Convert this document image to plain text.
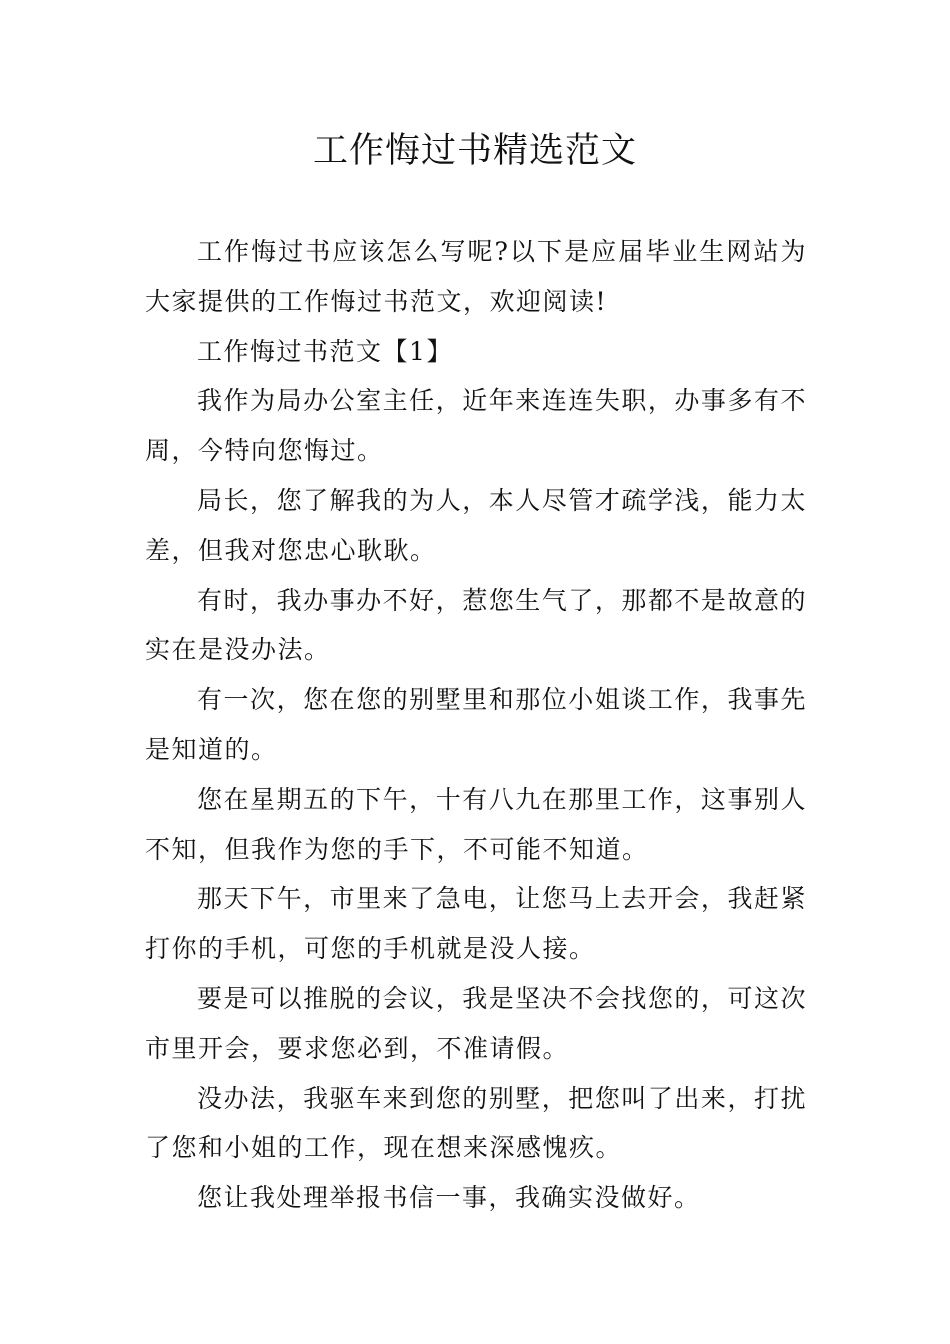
工作悔过书精选范文

工作悔过书应该怎么写呢?以下是应届毕业生网站为大家提供的工作悔过书范文，欢迎阅读!

工作悔过书范文【1】

我作为局办公室主任，近年来连连失职，办事多有不周，今特向您悔过。

局长，您了解我的为人，本人尽管才疏学浅，能力太差，但我对您忠心耿耿。

有时，我办事办不好，惹您生气了，那都不是故意的实在是没办法。

有一次，您在您的别墅里和那位小姐谈工作，我事先是知道的。

您在星期五的下午，十有八九在那里工作，这事别人不知，但我作为您的手下，不可能不知道。

那天下午，市里来了急电，让您马上去开会，我赶紧打你的手机，可您的手机就是没人接。

要是可以推脱的会议，我是坚决不会找您的，可这次市里开会，要求您必到，不准请假。

没办法，我驱车来到您的别墅，把您叫了出来，打扰了您和小姐的工作，现在想来深感愧疚。

您让我处理举报书信一事，我确实没做好。
